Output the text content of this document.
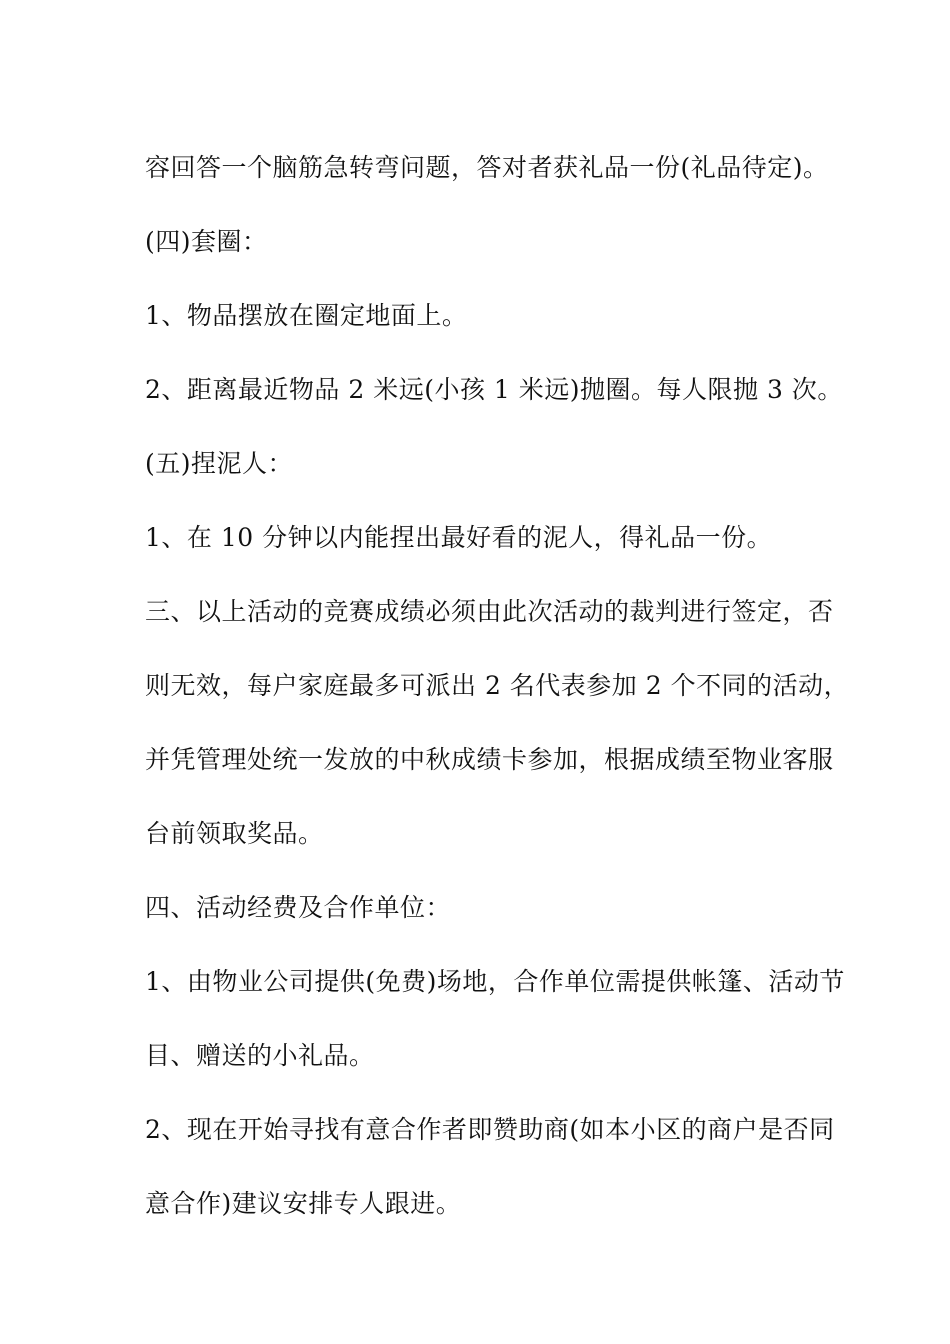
容回答一个脑筋急转弯问题，答对者获礼品一份(礼品待定)。
(四)套圈：
1、物品摆放在圈定地面上。
2、距离最近物品 2 米远(小孩 1 米远)抛圈。每人限抛 3 次。
(五)捏泥人：
1、在 10 分钟以内能捏出最好看的泥人，得礼品一份。
三、以上活动的竞赛成绩必须由此次活动的裁判进行签定，否
则无效，每户家庭最多可派出 2 名代表参加 2 个不同的活动，
并凭管理处统一发放的中秋成绩卡参加，根据成绩至物业客服
台前领取奖品。
四、活动经费及合作单位：
1、由物业公司提供(免费)场地，合作单位需提供帐篷、活动节
目、赠送的小礼品。
2、现在开始寻找有意合作者即赞助商(如本小区的商户是否同
意合作)建议安排专人跟进。
